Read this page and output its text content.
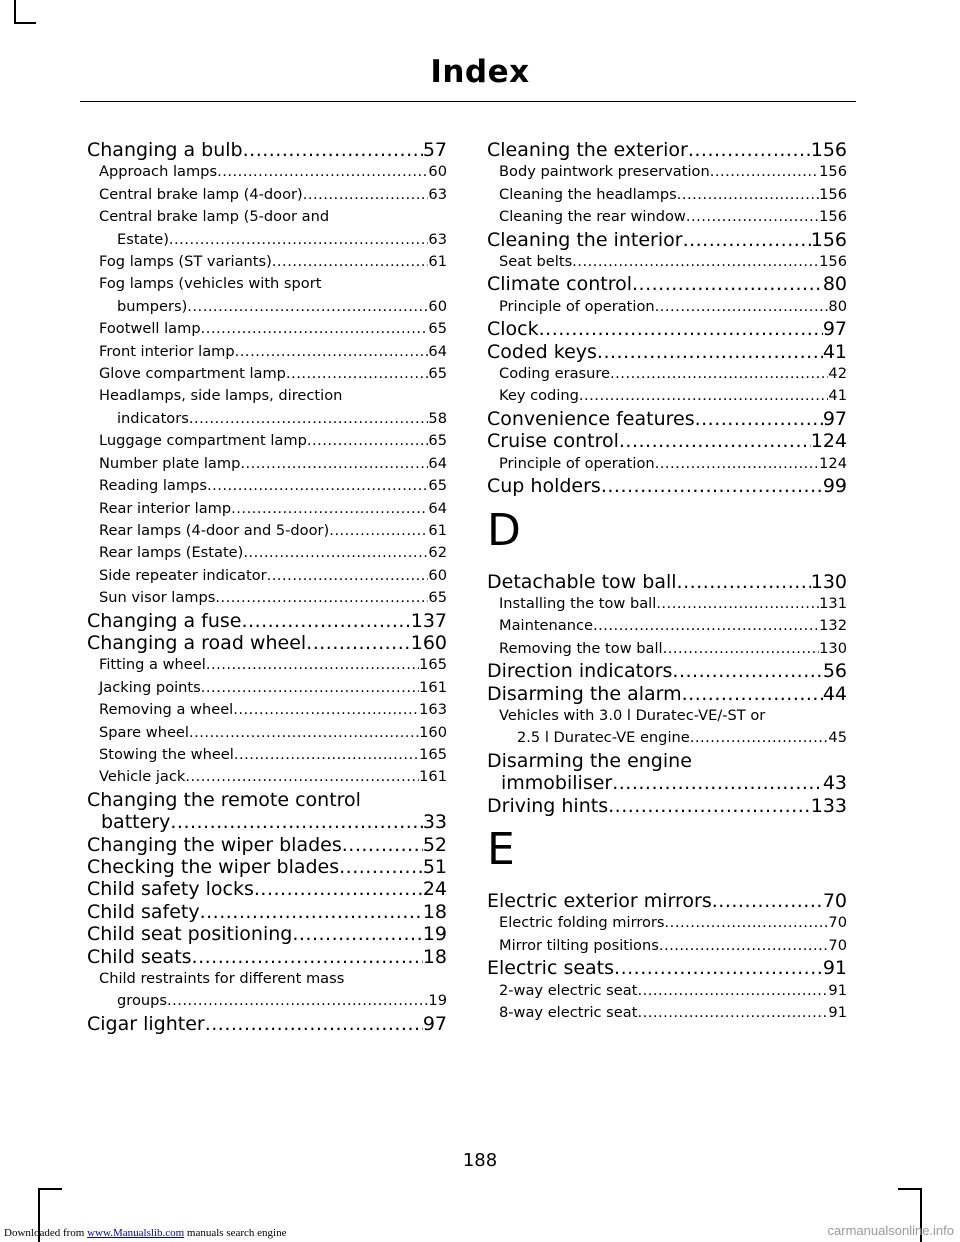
Index
Changing a bulb .....	57
Approach lamps .....	60
Central brake lamp (4-door) .....	63
Central brake lamp (5-door and
Estate) .....	63
Fog lamps (ST variants) .....	61
Fog lamps (vehicles with sport
bumpers) .....	60
Footwell lamp .....	65
Front interior lamp .....	64
Glove compartment lamp .....	65
Headlamps, side lamps, direction
indicators .....	58
Luggage compartment lamp .....	65
Number plate lamp .....	64
Reading lamps .....	65
Rear interior lamp .....	64
Rear lamps (4-door and 5-door) .....	61
Rear lamps (Estate) .....	62
Side repeater indicator .....	60
Sun visor lamps .....	65
Changing a fuse .....	137
Changing a road wheel .....	160
Fitting a wheel .....	165
Jacking points .....	161
Removing a wheel .....	163
Spare wheel .....	160
Stowing the wheel .....	165
Vehicle jack .....	161
Changing the remote control
battery .....	33
Changing the wiper blades .....	52
Checking the wiper blades .....	51
Child safety locks .....	24
Child safety .....	18
Child seat positioning .....	19
Child seats .....	18
Child restraints for different mass
groups .....	19
Cigar lighter .....	97
Cleaning the exterior .....	156
Body paintwork preservation .....	156
Cleaning the headlamps .....	156
Cleaning the rear window .....	156
Cleaning the interior .....	156
Seat belts .....	156
Climate control .....	80
Principle of operation .....	80
Clock .....	97
Coded keys .....	41
Coding erasure .....	42
Key coding .....	41
Convenience features .....	97
Cruise control .....	124
Principle of operation .....	124
Cup holders .....	99
D
Detachable tow ball .....	130
Installing the tow ball .....	131
Maintenance .....	132
Removing the tow ball .....	130
Direction indicators .....	56
Disarming the alarm .....	44
Vehicles with 3.0 l Duratec-VE/-ST or
2.5 l Duratec-VE engine .....	45
Disarming the engine
immobiliser .....	43
Driving hints .....	133
E
Electric exterior mirrors .....	70
Electric folding mirrors .....	70
Mirror tilting positions .....	70
Electric seats .....	91
2-way electric seat .....	91
8-way electric seat .....	91
188
Downloaded from www.Manualslib.com manuals search engine	carmanualsonline.info
